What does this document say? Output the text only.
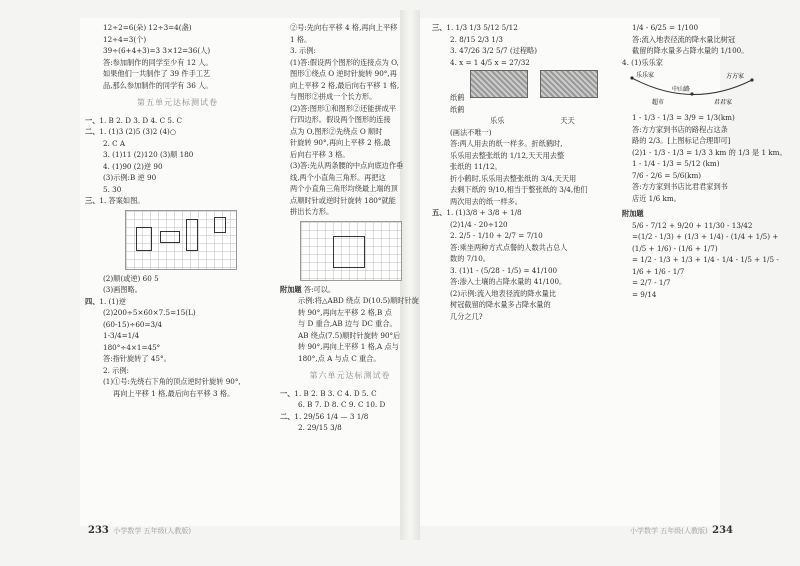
12÷2=6(朵) 12÷3=4(盏)
12÷4=3(个)
39÷(6+4+3)=3 3×12=36(人)
答:参加制作的同学至少有 12 人。
如果他们一共制作了 39 件手工艺
品,那么参加制作的同学有 36 人。
第五单元达标测试卷
一、1. B 2. D 3. D 4. C 5. C
二、1. (1)3 (2)5 (3)2 (4)○
2. C A
3. (1)11 (2)120 (3)顺 180
4. (1)90 (2)逆 90
(3)示例:B 逆 90
5. 30
三、1. 答案如图。
(2)顺(或逆) 60 5
(3)画图略。
四、1. (1)逆
(2)200÷5×60×7.5=15(L)
(60-15)÷60=3/4
1-3/4=1/4
180°÷4×1=45°
答:指针旋转了 45°。
2. 示例:
(1)①号:先绕右下角的顶点逆时针旋转 90°,
再向上平移 1 格,最后向右平移 3 格。
②号:先向右平移 4 格,再向上平移
1 格。
3. 示例:
(1)答:假设两个图形的连接点为 O,
图形①绕点 O 逆时针旋转 90°,再
向上平移 2 格,最后向右平移 1 格,
与图形②拼成一个长方形。
(2)答:图形①和图形②还能拼成平
行四边形。假设两个图形的连接
点为 O,图形②先绕点 O 顺时
针旋转 90°,再向上平移 2 格,最
后向右平移 3 格。
(3)答:先从两条腰的中点向底边作垂
线,两个小直角三角形。再把这
两个小直角三角形均绕最上端的顶
点顺时针或逆时针旋转 180°就能
拼出长方形。
附加题 答:可以。
示例:将△ABD 绕点 D(10.5)顺时针旋
转 90°,再向左平移 2 格,B 点
与 D 重合,AB 边与 DC 重合。
AB 绕点(7.5)顺时针旋转 90°后
转 90°,再向上平移 1 格,A 点与
180°,点 A 与点 C 重合。
第六单元达标测试卷
一、1. B 2. B 3. C 4. D 5. C
6. B 7. D 8. C 9. C 10. D
二、1. 29/56 1/4 — 3 1/8
2. 29/15 3/8
三、1. 1/3 1/3 5/12 5/12
2. 8/15 2/3 1/3
3. 47/26 3/2 5/7 (过程略)
4. x = 1 4/5 x = 27/32
纸鹤纸鹤
乐乐	天天
(画法不唯一)
答:两人用去的纸一样多。折纸鹤时,
乐乐用去整张纸的 1/12,天天用去整
张纸的 11/12。
折小鹤时,乐乐用去整张纸的 3/4,天天用
去剩下纸的 9/10,相当于整张纸的 3/4,他们
两次用去的纸一样多。
五、1. (1)3/8 + 3/8 + 1/8
(2)1/4 - 20÷120
2. 2/5 - 1/10 + 2/7 = 7/10
答:乘坐两种方式点餐的人数共占总人
数的 7/10。
3. (1)1 - (5/28 - 1/5) = 41/100
答:渗入土壤的占降水量的 41/100。
(2)示例:流入地表径流的降水量比
树冠截留的降水量多占降水量的
几分之几?
1/4 - 6/25 = 1/100
答:流入地表径流的降水量比树冠
截留的降水量多占降水量的 1/100。
4. (1)乐乐家
乐乐家
中山路
方方家
超市	君君家
1 - 1/3 - 1/3 = 3/9 = 1/3(km)
答:方方家到书店的路程占这条
路的 2/3。[上图标记合理即可]
(2)1 - 1/3 - 1/3 = 1/3 3 km 的 1/3 是 1 km。
1 - 1/4 - 1/3 = 5/12 (km)
7/6 - 2/6 = 5/6(km)
答:方方家到书店比君君家到书
店近 1/6 km。
附加题
5/6 - 7/12 + 9/20 + 11/30 - 13/42
=(1/2 - 1/3) + (1/3 + 1/4) - (1/4 + 1/5) +
(1/5 + 1/6) - (1/6 + 1/7)
= 1/2 - 1/3 + 1/3 + 1/4 - 1/4 - 1/5 + 1/5 -
1/6 + 1/6 - 1/7
= 2/7 - 1/7
= 9/14
233 小学数学 五年级(人教版)	小学数学 五年级(人教版) 234
